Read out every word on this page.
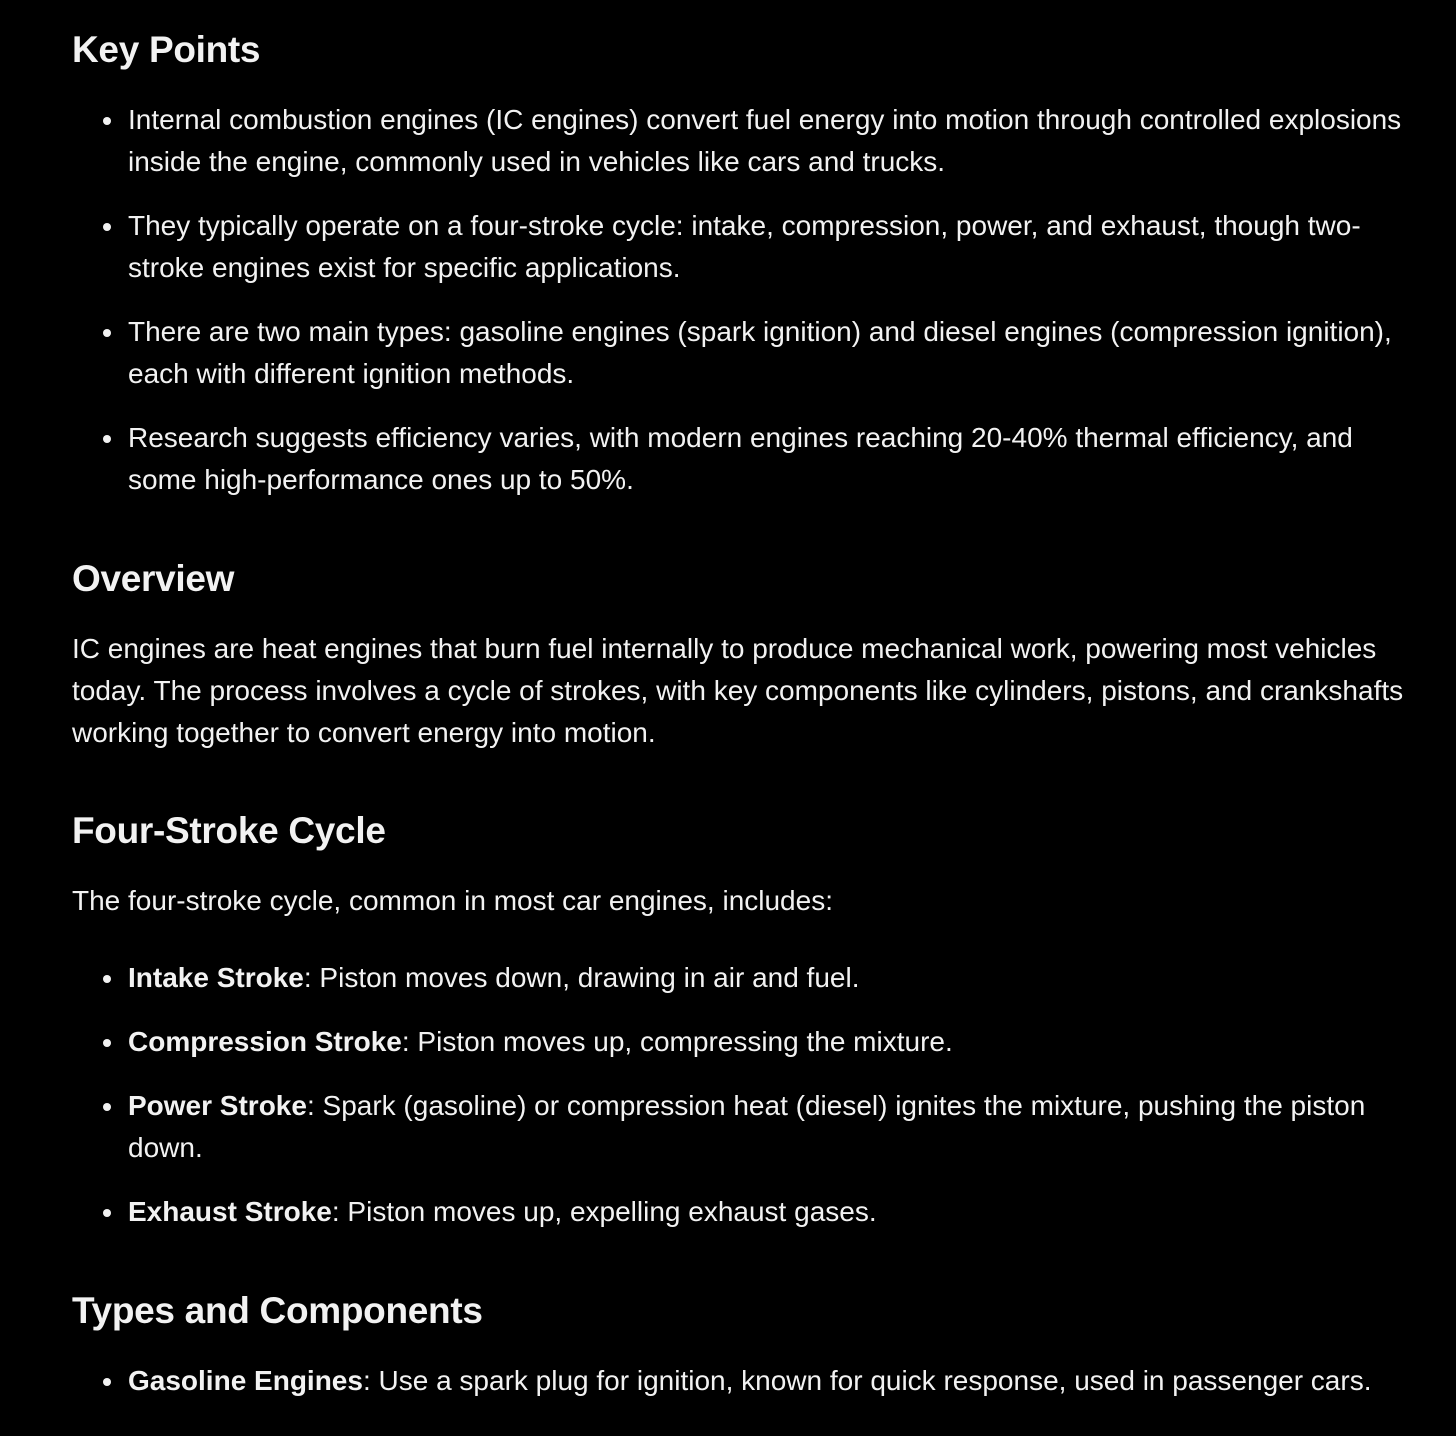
Key Points
Internal combustion engines (IC engines) convert fuel energy into motion through controlled explosions inside the engine, commonly used in vehicles like cars and trucks.
They typically operate on a four-stroke cycle: intake, compression, power, and exhaust, though two-stroke engines exist for specific applications.
There are two main types: gasoline engines (spark ignition) and diesel engines (compression ignition), each with different ignition methods.
Research suggests efficiency varies, with modern engines reaching 20-40% thermal efficiency, and some high-performance ones up to 50%.
Overview

IC engines are heat engines that burn fuel internally to produce mechanical work, powering most vehicles today. The process involves a cycle of strokes, with key components like cylinders, pistons, and crankshafts working together to convert energy into motion.

Four-Stroke Cycle

The four-stroke cycle, common in most car engines, includes:

Intake Stroke: Piston moves down, drawing in air and fuel.
Compression Stroke: Piston moves up, compressing the mixture.
Power Stroke: Spark (gasoline) or compression heat (diesel) ignites the mixture, pushing the piston down.
Exhaust Stroke: Piston moves up, expelling exhaust gases.
Types and Components
Gasoline Engines: Use a spark plug for ignition, known for quick response, used in passenger cars.
